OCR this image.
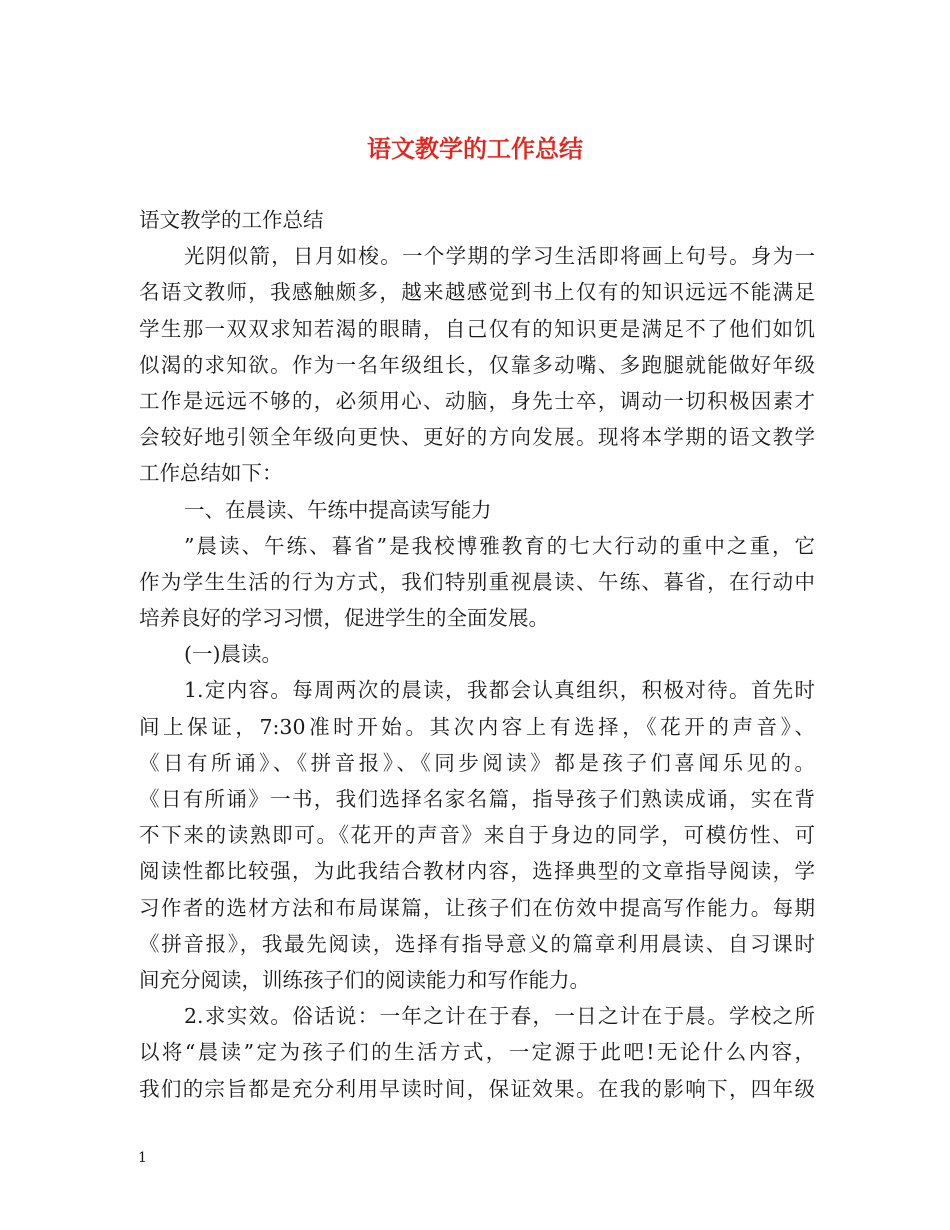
语文教学的工作总结

语文教学的工作总结

光阴似箭，日月如梭。一个学期的学习生活即将画上句号。身为一

名语文教师，我感触颇多，越来越感觉到书上仅有的知识远远不能满足

学生那一双双求知若渴的眼睛，自己仅有的知识更是满足不了他们如饥

似渴的求知欲。作为一名年级组长，仅靠多动嘴、多跑腿就能做好年级

工作是远远不够的，必须用心、动脑，身先士卒，调动一切积极因素才

会较好地引领全年级向更快、更好的方向发展。现将本学期的语文教学

工作总结如下：

一、在晨读、午练中提高读写能力

”晨读、午练、暮省”是我校博雅教育的七大行动的重中之重，它

作为学生生活的行为方式，我们特别重视晨读、午练、暮省，在行动中

培养良好的学习习惯，促进学生的全面发展。

(一)晨读。

1.定内容。每周两次的晨读，我都会认真组织，积极对待。首先时

间上保证，7:30准时开始。其次内容上有选择，《花开的声音》、

《日有所诵》、《拼音报》、《同步阅读》都是孩子们喜闻乐见的。

《日有所诵》一书，我们选择名家名篇，指导孩子们熟读成诵，实在背

不下来的读熟即可。《花开的声音》来自于身边的同学，可模仿性、可

阅读性都比较强，为此我结合教材内容，选择典型的文章指导阅读，学

习作者的选材方法和布局谋篇，让孩子们在仿效中提高写作能力。每期

《拼音报》，我最先阅读，选择有指导意义的篇章利用晨读、自习课时

间充分阅读，训练孩子们的阅读能力和写作能力。

2.求实效。俗话说：一年之计在于春，一日之计在于晨。学校之所

以将“晨读”定为孩子们的生活方式，一定源于此吧!无论什么内容，

我们的宗旨都是充分利用早读时间，保证效果。在我的影响下，四年级

1
